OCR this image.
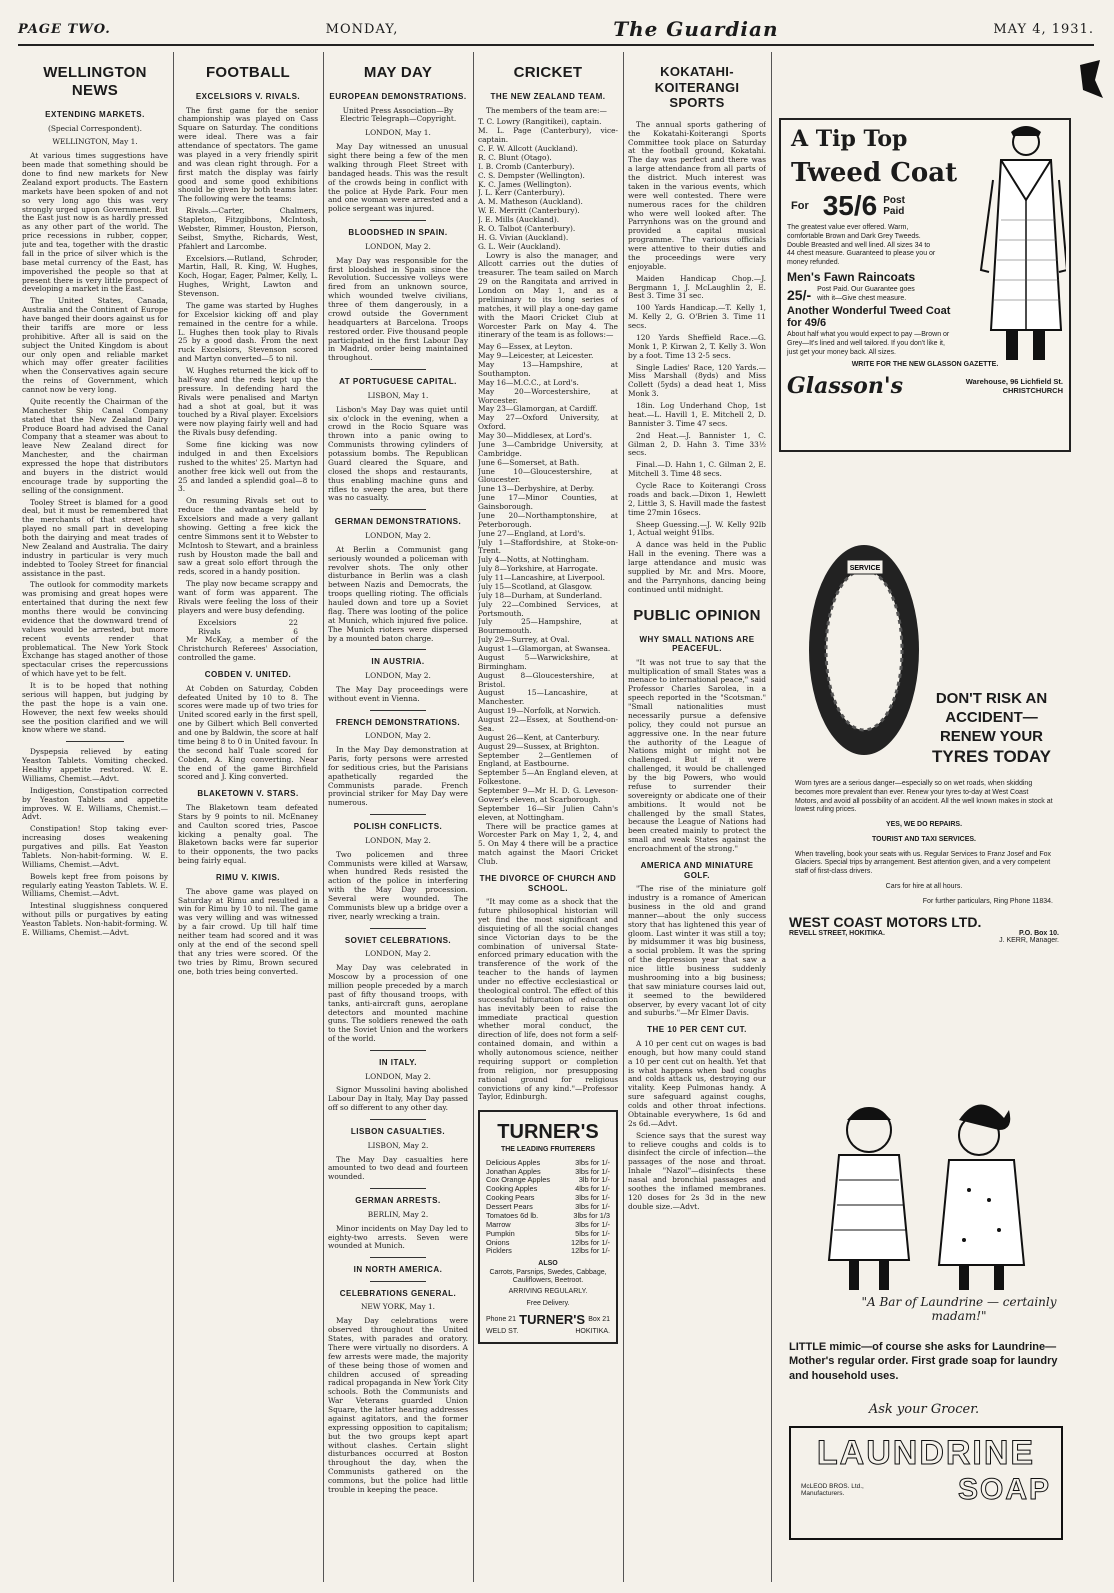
PAGE TWO.	MONDAY,	The Guardian	MAY 4, 1931.
WELLINGTON NEWS
EXTENDING MARKETS.
(Special Correspondent).
WELLINGTON, May 1.

At various times suggestions have been made that something should be done to find new markets for New Zealand export products. The Eastern markets have been spoken of and not so very long ago this was very strongly urged upon Government. But the East just now is as hardly pressed as any other part of the world. The price recessions in rubber, copper, jute and tea, together with the drastic fall in the price of silver which is the base metal currency of the East, has impoverished the people so that at present there is very little prospect of developing a market in the East.

The United States, Canada, Australia and the Continent of Europe have banged their doors against us for their tariffs are more or less prohibitive. After all is said on the subject the United Kingdom is about our only open and reliable market which may offer greater facilities when the Conservatives again secure the reins of Government, which cannot now be very long.

Quite recently the Chairman of the Manchester Ship Canal Company stated that the New Zealand Dairy Produce Board had advised the Canal Company that a steamer was about to leave New Zealand direct for Manchester, and the chairman expressed the hope that distributors and buyers in the district would encourage trade by supporting the selling of the consignment.

Tooley Street is blamed for a good deal, but it must be remembered that the merchants of that street have played no small part in developing both the dairying and meat trades of New Zealand and Australia. The dairy industry in particular is very much indebted to Tooley Street for financial assistance in the past.

The outlook for commodity markets was promising and great hopes were entertained that during the next few months there would be convincing evidence that the downward trend of values would be arrested, but more recent events render that problematical. The New York Stock Exchange has staged another of those spectacular crises the repercussions of which have yet to be felt.

It is to be hoped that nothing serious will happen, but judging by the past the hope is a vain one. However, the next few weeks should see the position clarified and we will know where we stand.

Dyspepsia relieved by eating Yeaston Tablets. Vomiting checked. Healthy appetite restored. W. E. Williams, Chemist.—Advt.

Indigestion, Constipation corrected by Yeaston Tablets and appetite improves. W. E. Williams, Chemist.—Advt.

Constipation! Stop taking ever-increasing doses weakening purgatives and pills. Eat Yeaston Tablets. Non-habit-forming. W. E. Williams, Chemist.—Advt.

Bowels kept free from poisons by regularly eating Yeaston Tablets. W. E. Williams, Chemist.—Advt.

Intestinal sluggishness conquered without pills or purgatives by eating Yeaston Tablets. Non-habit-forming. W. E. Williams, Chemist.—Advt.

FOOTBALL
EXCELSIORS V. RIVALS.

The first game for the senior championship was played on Cass Square on Saturday. The conditions were ideal. There was a fair attendance of spectators. The game was played in a very friendly spirit and was clean right through. For a first match the display was fairly good and some good exhibitions should be given by both teams later. The following were the teams:

Rivals.—Carter, Chalmers, Stapleton, Fitzgibbons, McIntosh, Webster, Rimmer, Houston, Pierson, Seibst, Smythe, Richards, West, Pfahlert and Larcombe.

Excelsiors.—Rutland, Schroder, Martin, Hall, R. King, W. Hughes, Koch, Hogar, Eager, Palmer, Kelly, L. Hughes, Wright, Lawton and Stevenson.

The game was started by Hughes for Excelsior kicking off and play remained in the centre for a while. L. Hughes then took play to Rivals 25 by a good dash. From the next ruck Excelsiors, Stevenson scored and Martyn converted—5 to nil.

W. Hughes returned the kick off to half-way and the reds kept up the pressure. In defending hard the Rivals were penalised and Martyn had a shot at goal, but it was touched by a Rival player. Excelsiors were now playing fairly well and had the Rivals busy defending.

Some fine kicking was now indulged in and then Excelsiors rushed to the whites' 25. Martyn had another free kick well out from the 25 and landed a splendid goal—8 to 3.

On resuming Rivals set out to reduce the advantage held by Excelsiors and made a very gallant showing. Getting a free kick the centre Simmons sent it to Webster to McIntosh to Stewart, and a brainless rush by Houston made the ball and saw a great solo effort through the reds, scored in a handy position.

The play now became scrappy and want of form was apparent. The Rivals were feeling the loss of their players and were busy defending.

Excelsiors	22
Rivals	6

Mr McKay, a member of the Christchurch Referees' Association, controlled the game.

COBDEN V. UNITED.

At Cobden on Saturday, Cobden defeated United by 10 to 8. The scores were made up of two tries for United scored early in the first spell, one by Gilbert which Bell converted and one by Baldwin, the score at half time being 8 to 0 in United favour. In the second half Tuale scored for Cobden, A. King converting. Near the end of the game Birchfield scored and J. King converted.

BLAKETOWN V. STARS.

The Blaketown team defeated Stars by 9 points to nil. McEnaney and Caulton scored tries, Pascoe kicking a penalty goal. The Blaketown backs were far superior to their opponents, the two packs being fairly equal.

RIMU V. KIWIS.

The above game was played on Saturday at Rimu and resulted in a win for Rimu by 10 to nil. The game was very willing and was witnessed by a fair crowd. Up till half time neither team had scored and it was only at the end of the second spell that any tries were scored. Of the two tries by Rimu, Brown secured one, both tries being converted.

MAY DAY
EUROPEAN DEMONSTRATIONS.
United Press Association—By Electric Telegraph—Copyright.
LONDON, May 1.

May Day witnessed an unusual sight there being a few of the men walking through Fleet Street with bandaged heads. This was the result of the crowds being in conflict with the police at Hyde Park. Four men and one woman were arrested and a police sergeant was injured.

BLOODSHED IN SPAIN.
LONDON, May 2.

May Day was responsible for the first bloodshed in Spain since the Revolution. Successive volleys were fired from an unknown source, which wounded twelve civilians, three of them dangerously, in a crowd outside the Government headquarters at Barcelona. Troops restored order. Five thousand people participated in the first Labour Day in Madrid, order being maintained throughout.

AT PORTUGUESE CAPITAL.
LISBON, May 1.

Lisbon's May Day was quiet until six o'clock in the evening, when a crowd in the Rocio Square was thrown into a panic owing to Communists throwing cylinders of potassium bombs. The Republican Guard cleared the Square, and closed the shops and restaurants, thus enabling machine guns and rifles to sweep the area, but there was no casualty.

GERMAN DEMONSTRATIONS.
LONDON, May 2.

At Berlin a Communist gang seriously wounded a policeman with revolver shots. The only other disturbance in Berlin was a clash between Nazis and Democrats, the troops quelling rioting. The officials hauled down and tore up a Soviet flag. There was looting of the police at Munich, which injured five police. The Munich rioters were dispersed by a mounted baton charge.

IN AUSTRIA.
LONDON, May 2.

The May Day proceedings were without event in Vienna.

FRENCH DEMONSTRATIONS.
LONDON, May 2.

In the May Day demonstration at Paris, forty persons were arrested for seditious cries, but the Parisians apathetically regarded the Communists parade. French provincial striker for May Day were numerous.

POLISH CONFLICTS.
LONDON, May 2.

Two policemen and three Communists were killed at Warsaw, when hundred Reds resisted the action of the police in interfering with the May Day procession. Several were wounded. The Communists blew up a bridge over a river, nearly wrecking a train.

SOVIET CELEBRATIONS.
LONDON, May 2.

May Day was celebrated in Moscow by a procession of one million people preceded by a march past of fifty thousand troops, with tanks, anti-aircraft guns, aeroplane detectors and mounted machine guns. The soldiers renewed the oath to the Soviet Union and the workers of the world.

IN ITALY.
LONDON, May 2.

Signor Mussolini having abolished Labour Day in Italy, May Day passed off so different to any other day.

LISBON CASUALTIES.
LISBON, May 2.

The May Day casualties here amounted to two dead and fourteen wounded.

GERMAN ARRESTS.
BERLIN, May 2.

Minor incidents on May Day led to eighty-two arrests. Seven were wounded at Munich.

IN NORTH AMERICA.
CELEBRATIONS GENERAL.
NEW YORK, May 1.

May Day celebrations were observed throughout the United States, with parades and oratory. There were virtually no disorders. A few arrests were made, the majority of these being those of women and children accused of spreading radical propaganda in New York City schools. Both the Communists and War Veterans guarded Union Square, the latter hearing addresses against agitators, and the former expressing opposition to capitalism; but the two groups kept apart without clashes. Certain slight disturbances occurred at Boston throughout the day, when the Communists gathered on the commons, but the police had little trouble in keeping the peace.

CRICKET
THE NEW ZEALAND TEAM.

The members of the team are:—

T. C. Lowry (Rangitikei), captain.

M. L. Page (Canterbury), vice-captain.

C. F. W. Allcott (Auckland).

R. C. Blunt (Otago).

I. B. Cromb (Canterbury).

C. S. Dempster (Wellington).

K. C. James (Wellington).

J. L. Kerr (Canterbury).

A. M. Matheson (Auckland).

W. E. Merritt (Canterbury).

J. E. Mills (Auckland).

R. O. Talbot (Canterbury).

H. G. Vivian (Auckland).

G. L. Weir (Auckland).

Lowry is also the manager, and Allcott carries out the duties of treasurer. The team sailed on March 29 on the Rangitata and arrived in London on May 1, and as a preliminary to its long series of matches, it will play a one-day game with the Maori Cricket Club at Worcester Park on May 4. The itinerary of the team is as follows:—

May 6—Essex, at Leyton.

May 9—Leicester, at Leicester.

May 13—Hampshire, at Southampton.

May 16—M.C.C., at Lord's.

May 20—Worcestershire, at Worcester.

May 23—Glamorgan, at Cardiff.

May 27—Oxford University, at Oxford.

May 30—Middlesex, at Lord's.

June 3—Cambridge University, at Cambridge.

June 6—Somerset, at Bath.

June 10—Gloucestershire, at Gloucester.

June 13—Derbyshire, at Derby.

June 17—Minor Counties, at Gainsborough.

June 20—Northamptonshire, at Peterborough.

June 27—England, at Lord's.

July 1—Staffordshire, at Stoke-on-Trent.

July 4—Notts, at Nottingham.

July 8—Yorkshire, at Harrogate.

July 11—Lancashire, at Liverpool.

July 15—Scotland, at Glasgow.

July 18—Durham, at Sunderland.

July 22—Combined Services, at Portsmouth.

July 25—Hampshire, at Bournemouth.

July 29—Surrey, at Oval.

August 1—Glamorgan, at Swansea.

August 5—Warwickshire, at Birmingham.

August 8—Gloucestershire, at Bristol.

August 15—Lancashire, at Manchester.

August 19—Norfolk, at Norwich.

August 22—Essex, at Southend-on-Sea.

August 26—Kent, at Canterbury.

August 29—Sussex, at Brighton.

September 2—Gentlemen of England, at Eastbourne.

September 5—An England eleven, at Folkestone.

September 9—Mr H. D. G. Leveson-Gower's eleven, at Scarborough.

September 16—Sir Julien Cahn's eleven, at Nottingham.

There will be practice games at Worcester Park on May 1, 2, 4, and 5. On May 4 there will be a practice match against the Maori Cricket Club.

THE DIVORCE OF CHURCH AND SCHOOL.

"It may come as a shock that the future philosophical historian will yet find the most significant and disquieting of all the social changes since Victorian days to be the combination of universal State-enforced primary education with the transference of the work of the teacher to the hands of laymen under no effective ecclesiastical or theological control. The effect of this successful bifurcation of education has inevitably been to raise the immediate practical question whether moral conduct, the direction of life, does not form a self-contained domain, and within a wholly autonomous science, neither requiring support or completion from religion, nor presupposing rational ground for religious convictions of any kind."—Professor Taylor, Edinburgh.

TURNER'S
THE LEADING FRUITERERS
Delicious Apples	3lbs for 1/-
Jonathan Apples	3lbs for 1/-
Cox Orange Apples	3lb for 1/-
Cooking Apples	4lbs for 1/-
Cooking Pears	3lbs for 1/-
Dessert Pears	3lbs for 1/-
Tomatoes 6d lb.	3lbs for 1/3
Marrow	3lbs for 1/-
Pumpkin	5lbs for 1/-
Onions	12lbs for 1/-
Picklers	12lbs for 1/-
ALSO
Carrots, Parsnips, Swedes, Cabbage, Cauliflowers, Beetroot.
ARRIVING REGULARLY.
Free Delivery.
Phone 21 TURNER'S Box 21
WELD ST.	HOKITIKA.
KOKATAHI-KOITERANGI SPORTS

The annual sports gathering of the Kokatahi-Koiterangi Sports Committee took place on Saturday at the football ground, Kokatahi. The day was perfect and there was a large attendance from all parts of the district. Much interest was taken in the various events, which were well contested. There were numerous races for the children who were well looked after. The Parrynhons was on the ground and provided a capital musical programme. The various officials were attentive to their duties and the proceedings were very enjoyable.

Maiden Handicap Chop.—J. Bergmann 1, J. McLaughlin 2, E. Best 3. Time 31 sec.

100 Yards Handicap.—T. Kelly 1, M. Kelly 2, G. O'Brien 3. Time 11 secs.

120 Yards Sheffield Race.—G. Monk 1, P. Kirwan 2, T. Kelly 3. Won by a foot. Time 13 2-5 secs.

Single Ladies' Race, 120 Yards.—Miss Marshall (8yds) and Miss Collett (5yds) a dead heat 1, Miss Monk 3.

18in. Log Underhand Chop, 1st heat.—L. Havill 1, E. Mitchell 2, D. Bannister 3. Time 47 secs.

2nd Heat.—J. Bannister 1, C. Gilman 2, D. Hahn 3. Time 33½ secs.

Final.—D. Hahn 1, C. Gilman 2, E. Mitchell 3. Time 48 secs.

Cycle Race to Koiterangi Cross roads and back.—Dixon 1, Hewlett 2, Little 3, S. Havill made the fastest time 27min 16secs.

Sheep Guessing.—J. W. Kelly 92lb 1, Actual weight 91lbs.

A dance was held in the Public Hall in the evening. There was a large attendance and music was supplied by Mr. and Mrs. Moore, and the Parrynhons, dancing being continued until midnight.

PUBLIC OPINION
WHY SMALL NATIONS ARE PEACEFUL.

"It was not true to say that the multiplication of small States was a menace to international peace," said Professor Charles Sarolea, in a speech reported in the "Scotsman." "Small nationalities must necessarily pursue a defensive policy, they could not pursue an aggressive one. In the near future the authority of the League of Nations might or might not be challenged. But if it were challenged, it would be challenged by the big Powers, who would refuse to surrender their sovereignty or abdicate one of their ambitions. It would not be challenged by the small States, because the League of Nations had been created mainly to protect the small and weak States against the encroachment of the strong."

AMERICA AND MINIATURE GOLF.

"The rise of the miniature golf industry is a romance of American business in the old and grand manner—about the only success story that has lightened this year of gloom. Last winter it was still a toy; by midsummer it was big business, a social problem. It was the spring of the depression year that saw a nice little business suddenly mushrooming into a big business; that saw miniature courses laid out, it seemed to the bewildered observer, by every vacant lot of city and suburbs."—Mr Elmer Davis.

THE 10 PER CENT CUT.

A 10 per cent cut on wages is bad enough, but how many could stand a 10 per cent cut on health. Yet that is what happens when bad coughs and colds attack us, destroying our vitality. Keep Pulmonas handy. A sure safeguard against coughs, colds and other throat infections. Obtainable everywhere, 1s 6d and 2s 6d.—Advt.

Science says that the surest way to relieve coughs and colds is to disinfect the circle of infection—the passages of the nose and throat. Inhale "Nazol"—disinfects these nasal and bronchial passages and soothes the inflamed membranes. 120 doses for 2s 3d in the new double size.—Advt.

A Tip Top
Tweed Coat
For 35/6 Post Paid
The greatest value ever offered. Warm, comfortable Brown and Dark Grey Tweeds. Double Breasted and well lined. All sizes 34 to 44 chest measure. Guaranteed to please you or money refunded.
Men's Fawn Raincoats
25/- Post Paid. Our Guarantee goes with it—Give chest measure.
Another Wonderful Tweed Coat for 49/6
About half what you would expect to pay —Brown or Grey—It's lined and well tailored. If you don't like it, just get your money back. All sizes.
WRITE FOR THE NEW GLASSON GAZETTE.
Glasson's	Warehouse, 96 Lichfield St.
CHRISTCHURCH
SERVICE
DON'T RISK AN
ACCIDENT—
RENEW YOUR
TYRES TODAY
Worn tyres are a serious danger—especially so on wet roads, when skidding becomes more prevalent than ever. Renew your tyres to-day at West Coast Motors, and avoid all possibility of an accident. All the well known makes in stock at lowest ruling prices.
YES, WE DO REPAIRS.
TOURIST AND TAXI SERVICES.
When travelling, book your seats with us. Regular Services to Franz Josef and Fox Glaciers. Special trips by arrangement. Best attention given, and a very competent staff of first-class drivers.
Cars for hire at all hours.
For further particulars, Ring Phone 11834.
WEST COAST MOTORS LTD.
REVELL STREET, HOKITIKA.	P.O. Box 10.
J. KERR, Manager.
"A Bar of Laundrine — certainly madam!"
LITTLE mimic—of course she asks for Laundrine—Mother's regular order. First grade soap for laundry and household uses.
Ask your Grocer.
LAUNDRINE
McLEOD BROS. Ltd., Manufacturers.	SOAP
